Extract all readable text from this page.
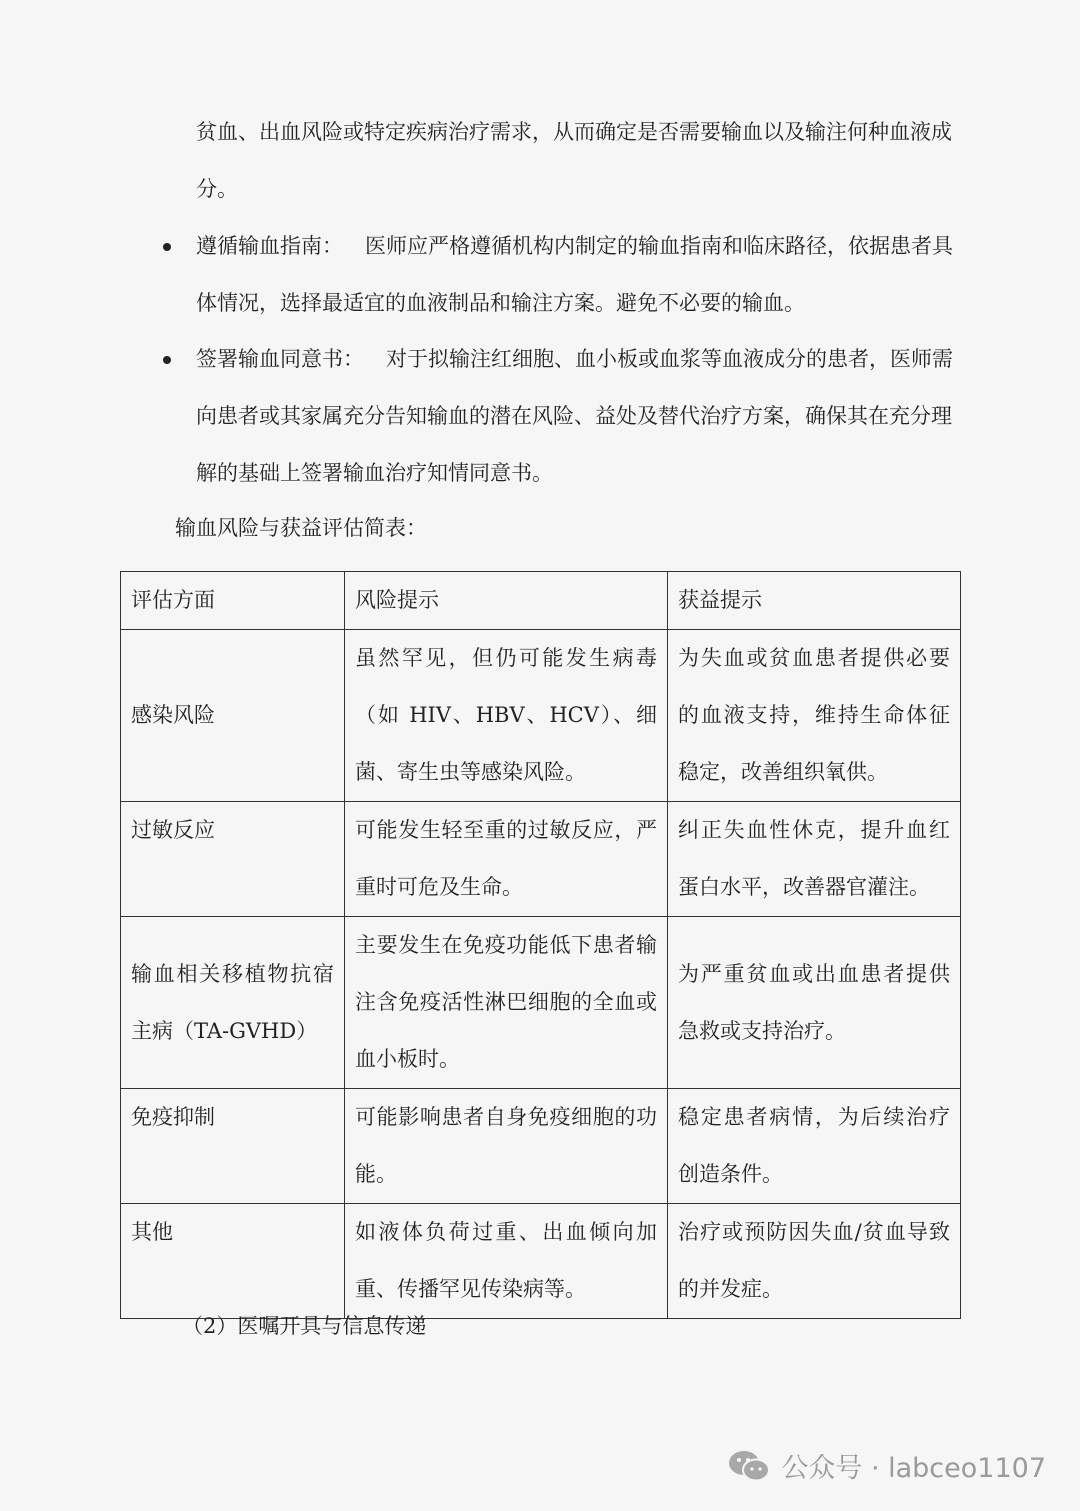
贫血、出血风险或特定疾病治疗需求，从而确定是否需要输血以及输注何种血液成分。

遵循输血指南： 医师应严格遵循机构内制定的输血指南和临床路径，依据患者具体情况，选择最适宜的血液制品和输注方案。避免不必要的输血。

签署输血同意书： 对于拟输注红细胞、血小板或血浆等血液成分的患者，医师需向患者或其家属充分告知输血的潜在风险、益处及替代治疗方案，确保其在充分理解的基础上签署输血治疗知情同意书。

输血风险与获益评估简表：
评估方面	风险提示	获益提示
感染风险	虽然罕见，但仍可能发生病毒（如 HIV、HBV、HCV）、细菌、寄生虫等感染风险。	为失血或贫血患者提供必要的血液支持，维持生命体征稳定，改善组织氧供。
过敏反应	可能发生轻至重的过敏反应，严重时可危及生命。	纠正失血性休克，提升血红蛋白水平，改善器官灌注。
输血相关移植物抗宿主病（TA-GVHD）	主要发生在免疫功能低下患者输注含免疫活性淋巴细胞的全血或血小板时。	为严重贫血或出血患者提供急救或支持治疗。
免疫抑制	可能影响患者自身免疫细胞的功能。	稳定患者病情，为后续治疗创造条件。
其他	如液体负荷过重、出血倾向加重、传播罕见传染病等。	治疗或预防因失血/贫血导致的并发症。
（2）医嘱开具与信息传递
公众号 · labceo1107
